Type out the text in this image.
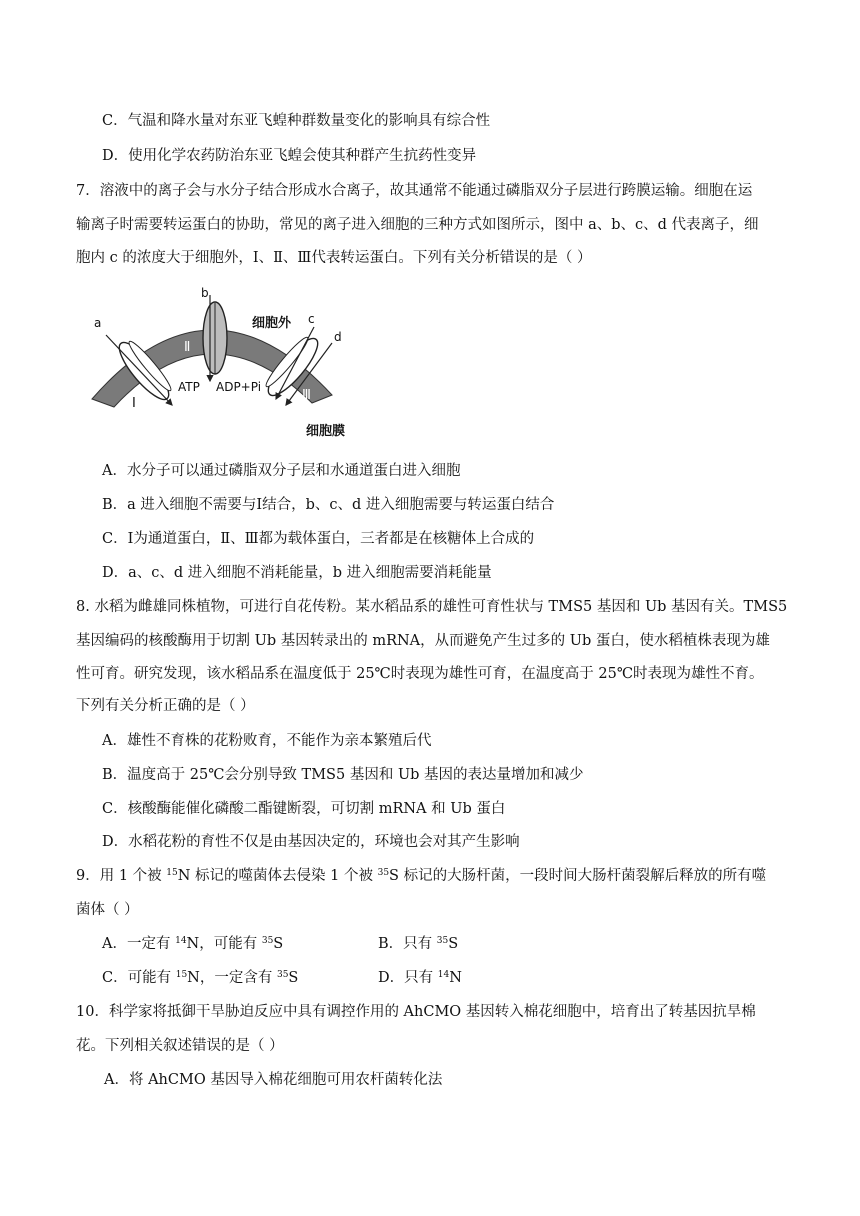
C．气温和降水量对东亚飞蝗种群数量变化的影响具有综合性
D．使用化学农药防治东亚飞蝗会使其种群产生抗药性变异
7．溶液中的离子会与水分子结合形成水合离子，故其通常不能通过磷脂双分子层进行跨膜运输。细胞在运
输离子时需要转运蛋白的协助，常见的离子进入细胞的三种方式如图所示，图中 a、b、c、d 代表离子，细
胞内 c 的浓度大于细胞外，Ⅰ、Ⅱ、Ⅲ代表转运蛋白。下列有关分析错误的是（ ）
a
b
c
d
细胞外
细胞膜
Ⅰ
Ⅱ
Ⅲ
ATP ADP+Pi
A．水分子可以通过磷脂双分子层和水通道蛋白进入细胞
B．a 进入细胞不需要与Ⅰ结合，b、c、d 进入细胞需要与转运蛋白结合
C．Ⅰ为通道蛋白，Ⅱ、Ⅲ都为载体蛋白，三者都是在核糖体上合成的
D．a、c、d 进入细胞不消耗能量，b 进入细胞需要消耗能量
8. 水稻为雌雄同株植物，可进行自花传粉。某水稻品系的雄性可育性状与 TMS5 基因和 Ub 基因有关。TMS5
基因编码的核酸酶用于切割 Ub 基因转录出的 mRNA，从而避免产生过多的 Ub 蛋白，使水稻植株表现为雄
性可育。研究发现，该水稻品系在温度低于 25℃时表现为雄性可育，在温度高于 25℃时表现为雄性不育。
下列有关分析正确的是（ ）
A．雄性不育株的花粉败育，不能作为亲本繁殖后代
B．温度高于 25℃会分别导致 TMS5 基因和 Ub 基因的表达量增加和减少
C．核酸酶能催化磷酸二酯键断裂，可切割 mRNA 和 Ub 蛋白
D．水稻花粉的育性不仅是由基因决定的，环境也会对其产生影响
9．用 1 个被 $^{15}$N 标记的噬菌体去侵染 1 个被 $^{35}$S 标记的大肠杆菌，一段时间大肠杆菌裂解后释放的所有噬
菌体（ ）
A．一定有 $^{14}$N，可能有 $^{35}$S	B．只有 $^{35}$S
C．可能有 $^{15}$N，一定含有 $^{35}$S	D．只有 $^{14}$N
10．科学家将抵御干旱胁迫反应中具有调控作用的 AhCMO 基因转入棉花细胞中，培育出了转基因抗旱棉
花。下列相关叙述错误的是（ ）
A．将 AhCMO 基因导入棉花细胞可用农杆菌转化法
